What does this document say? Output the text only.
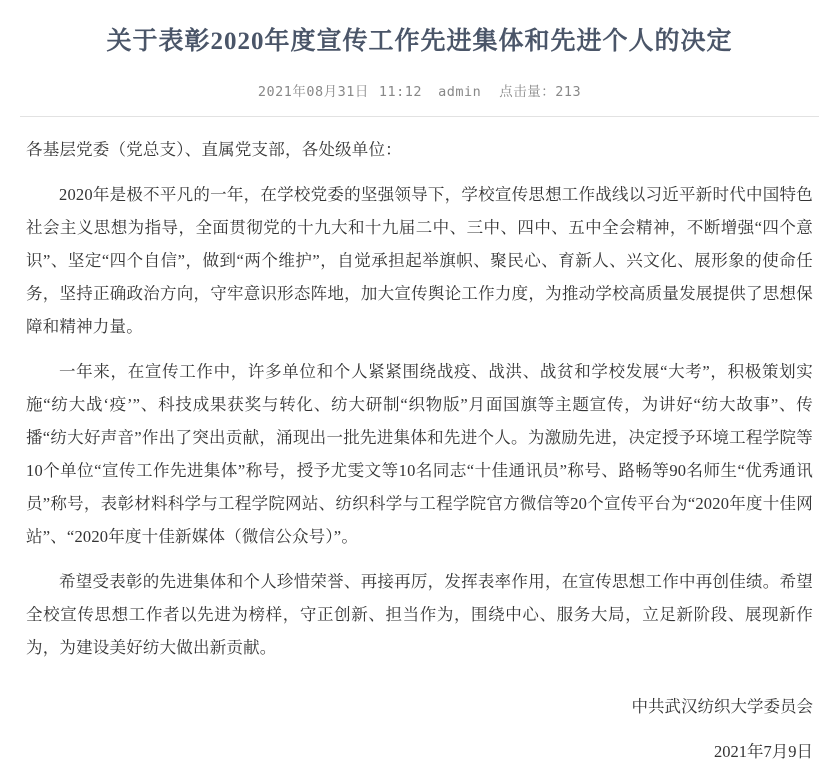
关于表彰2020年度宣传工作先进集体和先进个人的决定
2021年08月31日 11:12 admin 点击量：213

各基层党委（党总支）、直属党支部，各处级单位：

2020年是极不平凡的一年，在学校党委的坚强领导下，学校宣传思想工作战线以习近平新时代中国特色社会主义思想为指导，全面贯彻党的十九大和十九届二中、三中、四中、五中全会精神，不断增强“四个意识”、坚定“四个自信”，做到“两个维护”，自觉承担起举旗帜、聚民心、育新人、兴文化、展形象的使命任务，坚持正确政治方向，守牢意识形态阵地，加大宣传舆论工作力度，为推动学校高质量发展提供了思想保障和精神力量。

一年来，在宣传工作中，许多单位和个人紧紧围绕战疫、战洪、战贫和学校发展“大考”，积极策划实施“纺大战‘疫’”、科技成果获奖与转化、纺大研制“织物版”月面国旗等主题宣传，为讲好“纺大故事”、传播“纺大好声音”作出了突出贡献，涌现出一批先进集体和先进个人。为激励先进，决定授予环境工程学院等10个单位“宣传工作先进集体”称号，授予尤雯文等10名同志“十佳通讯员”称号、路畅等90名师生“优秀通讯员”称号，表彰材料科学与工程学院网站、纺织科学与工程学院官方微信等20个宣传平台为“2020年度十佳网站”、“2020年度十佳新媒体（微信公众号）”。

希望受表彰的先进集体和个人珍惜荣誉、再接再厉，发挥表率作用，在宣传思想工作中再创佳绩。希望全校宣传思想工作者以先进为榜样，守正创新、担当作为，围绕中心、服务大局，立足新阶段、展现新作为，为建设美好纺大做出新贡献。

中共武汉纺织大学委员会
2021年7月9日
